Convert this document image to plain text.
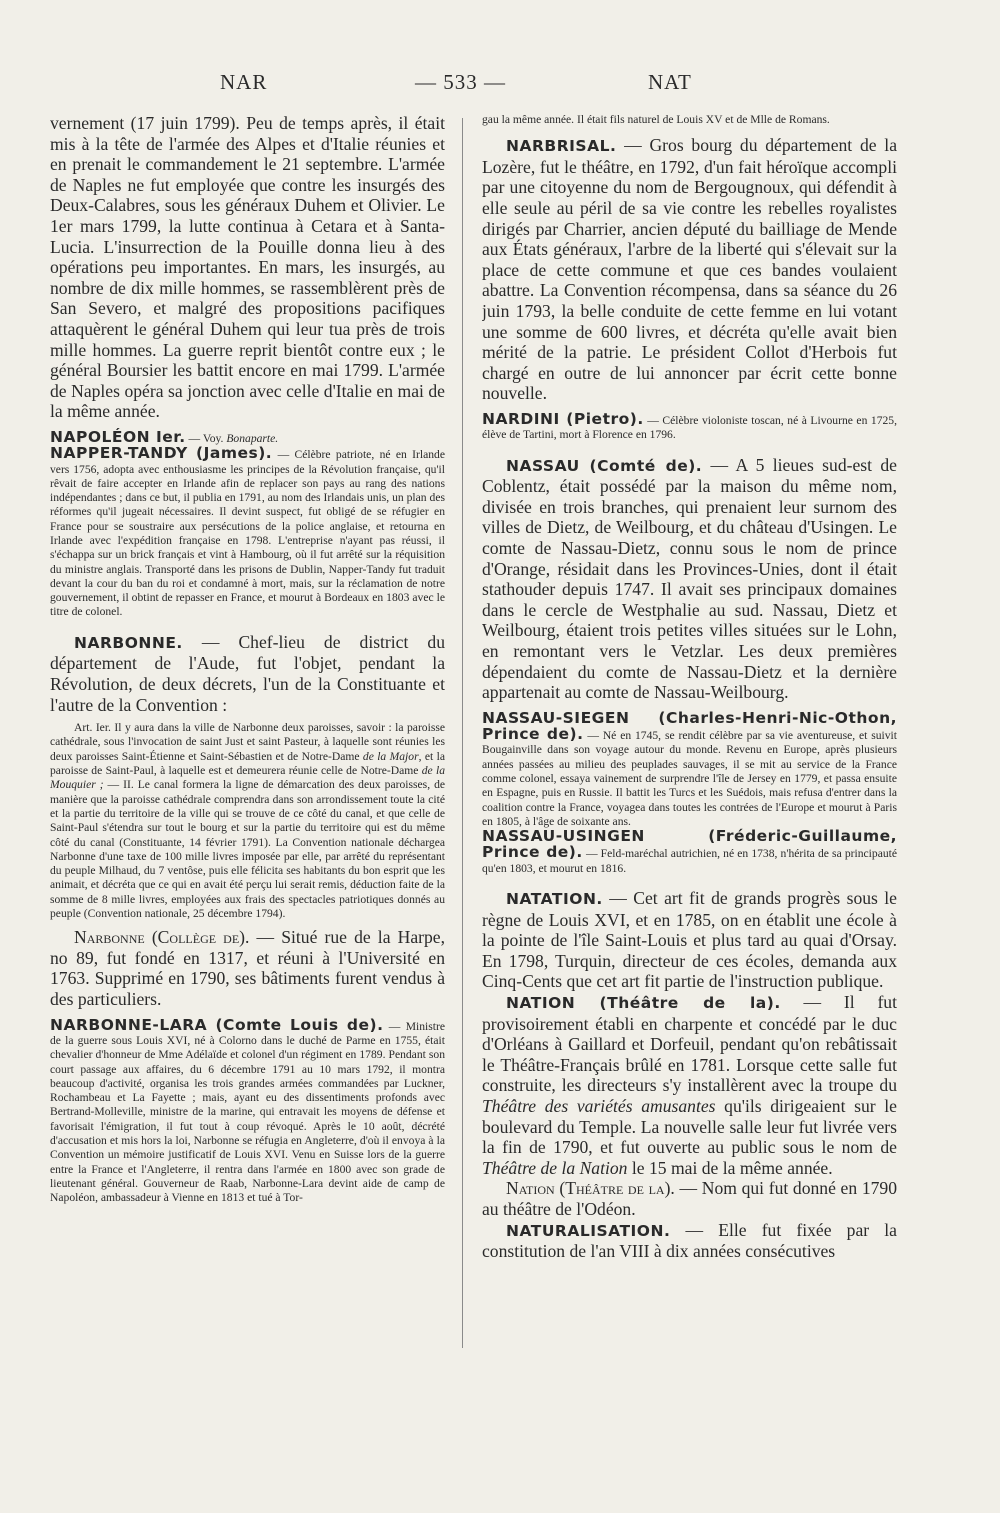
NAR	— 533 —	NAT

vernement (17 juin 1799). Peu de temps après, il était mis à la tête de l'armée des Alpes et d'Italie réunies et en prenait le commandement le 21 septembre. L'armée de Naples ne fut employée que contre les insurgés des Deux-Calabres, sous les généraux Duhem et Olivier. Le 1er mars 1799, la lutte continua à Cetara et à Santa-Lucia. L'insurrection de la Pouille donna lieu à des opérations peu importantes. En mars, les insurgés, au nombre de dix mille hommes, se rassemblèrent près de San Severo, et malgré des propositions pacifiques attaquèrent le général Duhem qui leur tua près de trois mille hommes. La guerre reprit bientôt contre eux ; le général Boursier les battit encore en mai 1799. L'armée de Naples opéra sa jonction avec celle d'Italie en mai de la même année.

NAPOLÉON Ier. — Voy. Bonaparte.

NAPPER-TANDY (James). — Célèbre patriote, né en Irlande vers 1756, adopta avec enthousiasme les principes de la Révolution française, qu'il rêvait de faire accepter en Irlande afin de replacer son pays au rang des nations indépendantes ; dans ce but, il publia en 1791, au nom des Irlandais unis, un plan des réformes qu'il jugeait nécessaires. Il devint suspect, fut obligé de se réfugier en France pour se soustraire aux persécutions de la police anglaise, et retourna en Irlande avec l'expédition française en 1798. L'entreprise n'ayant pas réussi, il s'échappa sur un brick français et vint à Hambourg, où il fut arrêté sur la réquisition du ministre anglais. Transporté dans les prisons de Dublin, Napper-Tandy fut traduit devant la cour du ban du roi et condamné à mort, mais, sur la réclamation de notre gouvernement, il obtint de repasser en France, et mourut à Bordeaux en 1803 avec le titre de colonel.

NARBONNE. — Chef-lieu de district du département de l'Aude, fut l'objet, pendant la Révolution, de deux décrets, l'un de la Constituante et l'autre de la Convention :

Art. Ier. Il y aura dans la ville de Narbonne deux paroisses, savoir : la paroisse cathédrale, sous l'invocation de saint Just et saint Pasteur, à laquelle sont réunies les deux paroisses Saint-Étienne et Saint-Sébastien et de Notre-Dame de la Major, et la paroisse de Saint-Paul, à laquelle est et demeurera réunie celle de Notre-Dame de la Mouquier ; — II. Le canal formera la ligne de démarcation des deux paroisses, de manière que la paroisse cathédrale comprendra dans son arrondissement toute la cité et la partie du territoire de la ville qui se trouve de ce côté du canal, et que celle de Saint-Paul s'étendra sur tout le bourg et sur la partie du territoire qui est du même côté du canal (Constituante, 14 février 1791). La Convention nationale déchargea Narbonne d'une taxe de 100 mille livres imposée par elle, par arrêté du représentant du peuple Milhaud, du 7 ventôse, puis elle félicita ses habitants du bon esprit que les animait, et décréta que ce qui en avait été perçu lui serait remis, déduction faite de la somme de 8 mille livres, employées aux frais des spectacles patriotiques donnés au peuple (Convention nationale, 25 décembre 1794).

Narbonne (Collège de). — Situé rue de la Harpe, no 89, fut fondé en 1317, et réuni à l'Université en 1763. Supprimé en 1790, ses bâtiments furent vendus à des particuliers.

NARBONNE-LARA (Comte Louis de). — Ministre de la guerre sous Louis XVI, né à Colorno dans le duché de Parme en 1755, était chevalier d'honneur de Mme Adélaïde et colonel d'un régiment en 1789. Pendant son court passage aux affaires, du 6 décembre 1791 au 10 mars 1792, il montra beaucoup d'activité, organisa les trois grandes armées commandées par Luckner, Rochambeau et La Fayette ; mais, ayant eu des dissentiments profonds avec Bertrand-Molleville, ministre de la marine, qui entravait les moyens de défense et favorisait l'émigration, il fut tout à coup révoqué. Après le 10 août, décrété d'accusation et mis hors la loi, Narbonne se réfugia en Angleterre, d'où il envoya à la Convention un mémoire justificatif de Louis XVI. Venu en Suisse lors de la guerre entre la France et l'Angleterre, il rentra dans l'armée en 1800 avec son grade de lieutenant général. Gouverneur de Raab, Narbonne-Lara devint aide de camp de Napoléon, ambassadeur à Vienne en 1813 et tué à Tor-

gau la même année. Il était fils naturel de Louis XV et de Mlle de Romans.

NARBRISAL. — Gros bourg du département de la Lozère, fut le théâtre, en 1792, d'un fait héroïque accompli par une citoyenne du nom de Bergougnoux, qui défendit à elle seule au péril de sa vie contre les rebelles royalistes dirigés par Charrier, ancien député du bailliage de Mende aux États généraux, l'arbre de la liberté qui s'élevait sur la place de cette commune et que ces bandes voulaient abattre. La Convention récompensa, dans sa séance du 26 juin 1793, la belle conduite de cette femme en lui votant une somme de 600 livres, et décréta qu'elle avait bien mérité de la patrie. Le président Collot d'Herbois fut chargé en outre de lui annoncer par écrit cette bonne nouvelle.

NARDINI (Pietro). — Célèbre violoniste toscan, né à Livourne en 1725, élève de Tartini, mort à Florence en 1796.

NASSAU (Comté de). — A 5 lieues sud-est de Coblentz, était possédé par la maison du même nom, divisée en trois branches, qui prenaient leur surnom des villes de Dietz, de Weilbourg, et du château d'Usingen. Le comte de Nassau-Dietz, connu sous le nom de prince d'Orange, résidait dans les Provinces-Unies, dont il était stathouder depuis 1747. Il avait ses principaux domaines dans le cercle de Westphalie au sud. Nassau, Dietz et Weilbourg, étaient trois petites villes situées sur le Lohn, en remontant vers le Vetzlar. Les deux premières dépendaient du comte de Nassau-Dietz et la dernière appartenait au comte de Nassau-Weilbourg.

NASSAU-SIEGEN (Charles-Henri-Nic-Othon, Prince de). — Né en 1745, se rendit célèbre par sa vie aventureuse, et suivit Bougainville dans son voyage autour du monde. Revenu en Europe, après plusieurs années passées au milieu des peuplades sauvages, il se mit au service de la France comme colonel, essaya vainement de surprendre l'île de Jersey en 1779, et passa ensuite en Espagne, puis en Russie. Il battit les Turcs et les Suédois, mais refusa d'entrer dans la coalition contre la France, voyagea dans toutes les contrées de l'Europe et mourut à Paris en 1805, à l'âge de soixante ans.

NASSAU-USINGEN (Fréderic-Guillaume, Prince de). — Feld-maréchal autrichien, né en 1738, n'hérita de sa principauté qu'en 1803, et mourut en 1816.

NATATION. — Cet art fit de grands progrès sous le règne de Louis XVI, et en 1785, on en établit une école à la pointe de l'île Saint-Louis et plus tard au quai d'Orsay. En 1798, Turquin, directeur de ces écoles, demanda aux Cinq-Cents que cet art fit partie de l'instruction publique.

NATION (Théâtre de la). — Il fut provisoirement établi en charpente et concédé par le duc d'Orléans à Gaillard et Dorfeuil, pendant qu'on rebâtissait le Théâtre-Français brûlé en 1781. Lorsque cette salle fut construite, les directeurs s'y installèrent avec la troupe du Théâtre des variétés amusantes qu'ils dirigeaient sur le boulevard du Temple. La nouvelle salle leur fut livrée vers la fin de 1790, et fut ouverte au public sous le nom de Théâtre de la Nation le 15 mai de la même année.

Nation (Théâtre de la). — Nom qui fut donné en 1790 au théâtre de l'Odéon.

NATURALISATION. — Elle fut fixée par la constitution de l'an VIII à dix années consécutives
